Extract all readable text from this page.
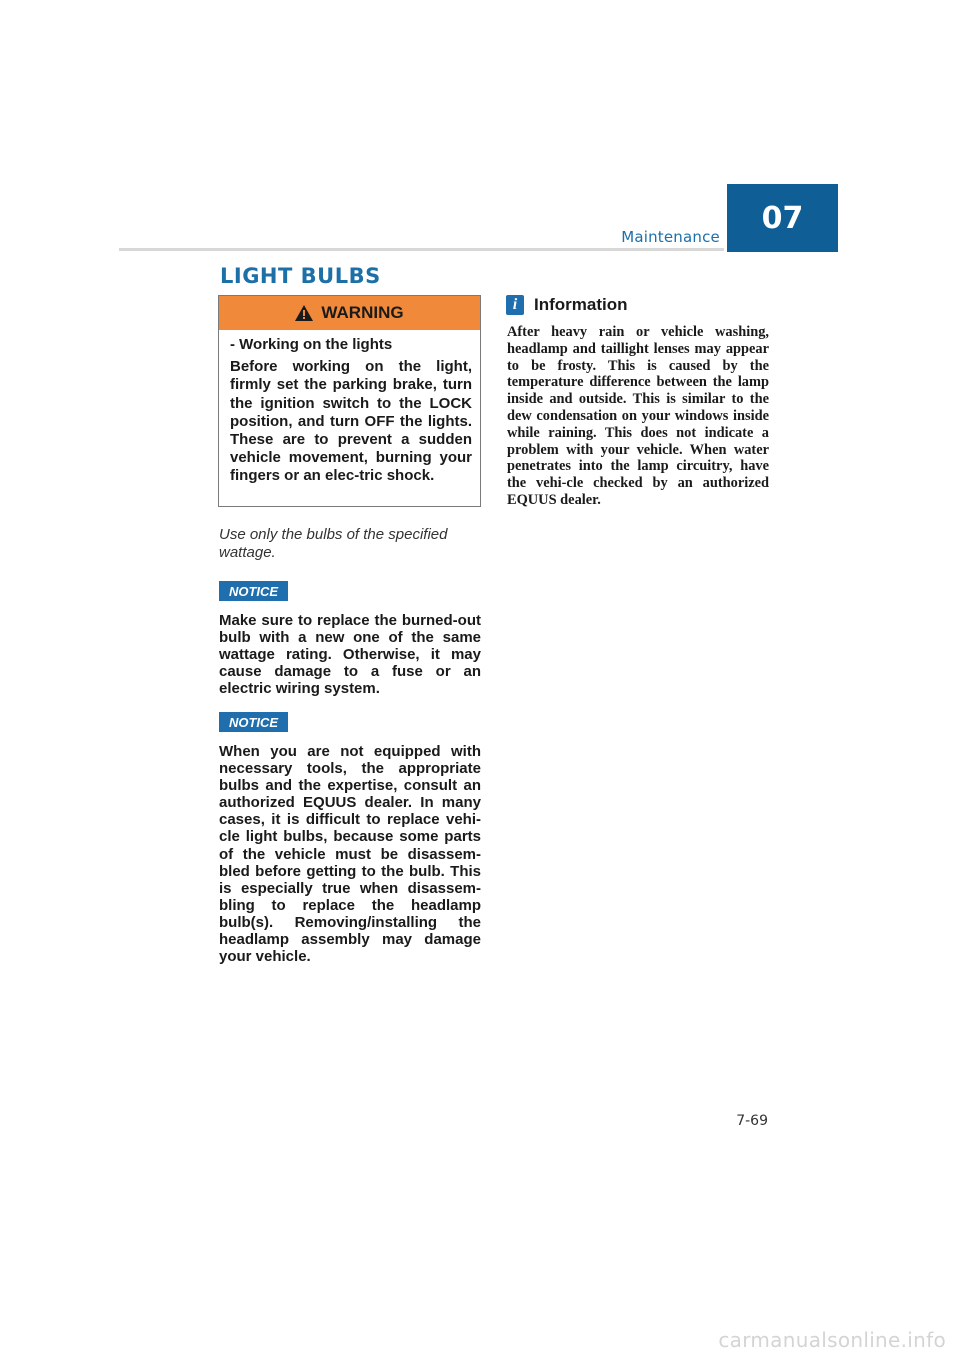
Maintenance
07
LIGHT BULBS
WARNING

- Working on the lights

Before working on the light, firmly set the parking brake, turn the ignition switch to the LOCK position, and turn OFF the lights. These are to prevent a sudden vehicle movement, burning your fingers or an elec-tric shock.

Use only the bulbs of the specified wattage.
NOTICE
Make sure to replace the burned-out bulb with a new one of the same wattage rating. Otherwise, it may cause damage to a fuse or an electric wiring system.
NOTICE
When you are not equipped with necessary tools, the appropriate bulbs and the expertise, consult an authorized EQUUS dealer. In many cases, it is difficult to replace vehi-cle light bulbs, because some parts of the vehicle must be disassem-bled before getting to the bulb. This is especially true when disassem-bling to replace the headlamp bulb(s). Removing/installing the headlamp assembly may damage your vehicle.
i Information
After heavy rain or vehicle washing, headlamp and taillight lenses may appear to be frosty. This is caused by the temperature difference between the lamp inside and outside. This is similar to the dew condensation on your windows inside while raining. This does not indicate a problem with your vehicle. When water penetrates into the lamp circuitry, have the vehi-cle checked by an authorized EQUUS dealer.
7-69
carmanualsonline.info
